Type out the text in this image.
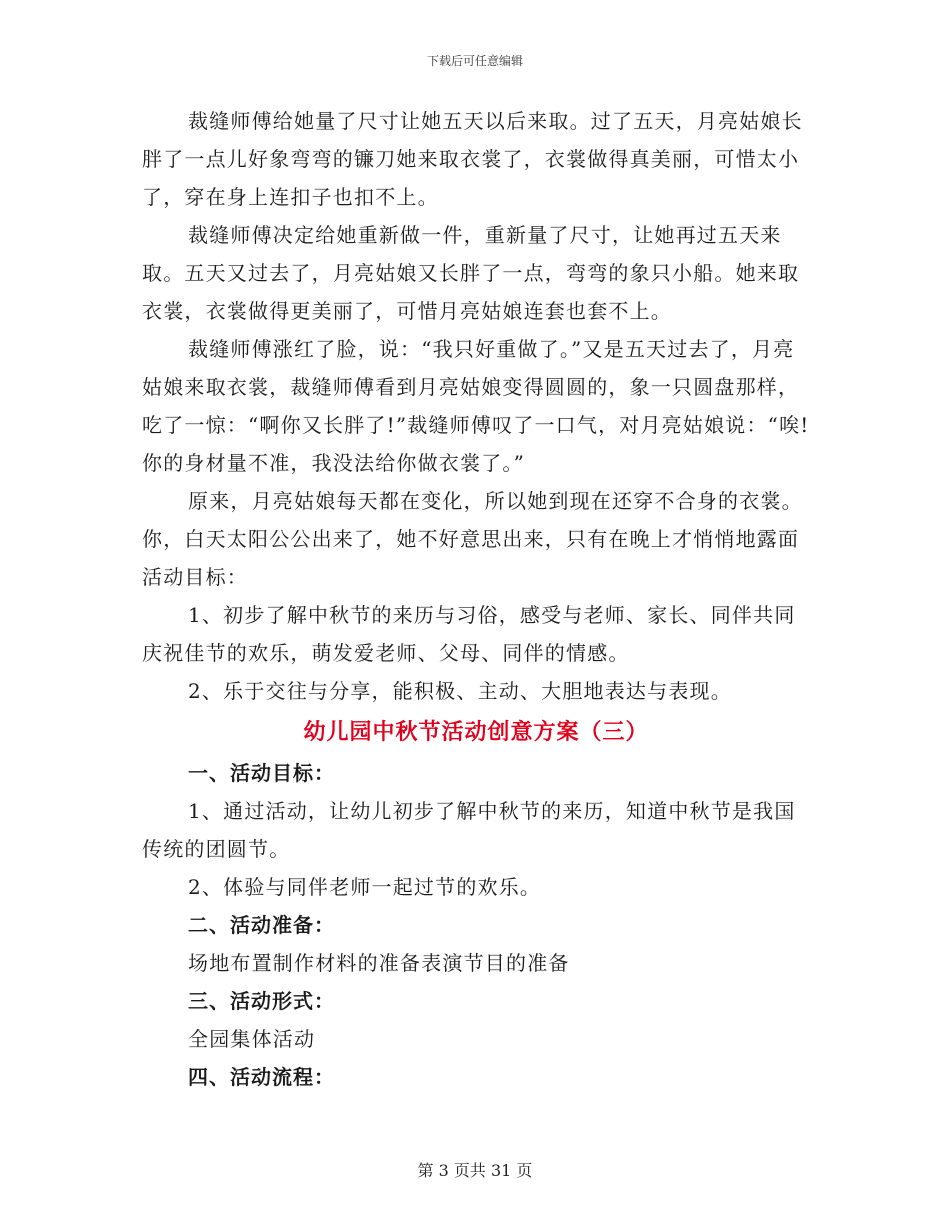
下载后可任意编辑

裁缝师傅给她量了尺寸让她五天以后来取。过了五天，月亮姑娘长胖了一点儿好象弯弯的镰刀她来取衣裳了，衣裳做得真美丽，可惜太小了，穿在身上连扣子也扣不上。

裁缝师傅决定给她重新做一件，重新量了尺寸，让她再过五天来取。五天又过去了，月亮姑娘又长胖了一点，弯弯的象只小船。她来取衣裳，衣裳做得更美丽了，可惜月亮姑娘连套也套不上。

裁缝师傅涨红了脸，说：“我只好重做了。”又是五天过去了，月亮姑娘来取衣裳，裁缝师傅看到月亮姑娘变得圆圆的，象一只圆盘那样，吃了一惊：“啊你又长胖了!”裁缝师傅叹了一口气，对月亮姑娘说：“唉!你的身材量不准，我没法给你做衣裳了。”

原来，月亮姑娘每天都在变化，所以她到现在还穿不合身的衣裳。你，白天太阳公公出来了，她不好意思出来，只有在晚上才悄悄地露面活动目标：

1、初步了解中秋节的来历与习俗，感受与老师、家长、同伴共同庆祝佳节的欢乐，萌发爱老师、父母、同伴的情感。

2、乐于交往与分享，能积极、主动、大胆地表达与表现。

幼儿园中秋节活动创意方案（三）

一、活动目标：

1、通过活动，让幼儿初步了解中秋节的来历，知道中秋节是我国传统的团圆节。

2、体验与同伴老师一起过节的欢乐。

二、活动准备：

场地布置制作材料的准备表演节目的准备

三、活动形式：

全园集体活动

四、活动流程：

第 3 页共 31 页
